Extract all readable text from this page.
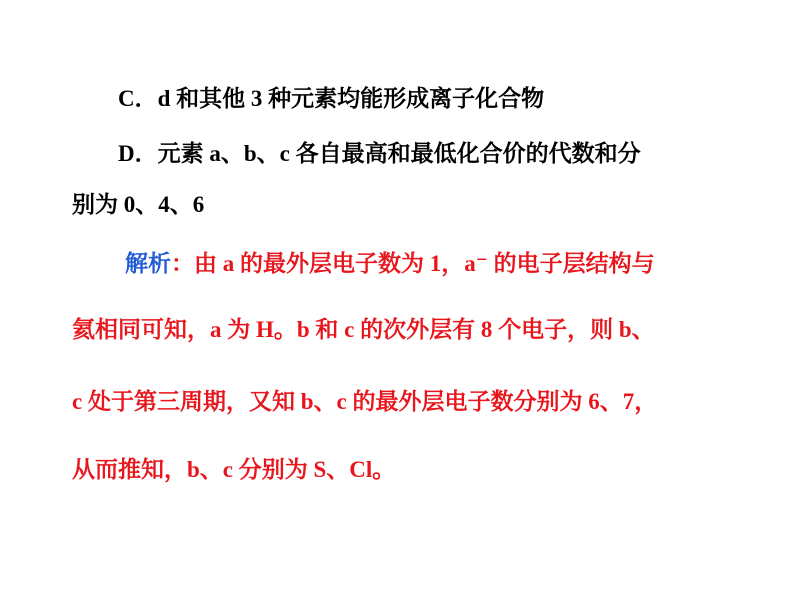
C．d 和其他 3 种元素均能形成离子化合物
D．元素 a、b、c 各自最高和最低化合价的代数和分
别为 0、4、6
解析：由 a 的最外层电子数为 1，a⁻ 的电子层结构与
氦相同可知，a 为 H。b 和 c 的次外层有 8 个电子，则 b、
c 处于第三周期，又知 b、c 的最外层电子数分别为 6、7，
从而推知，b、c 分别为 S、Cl。
